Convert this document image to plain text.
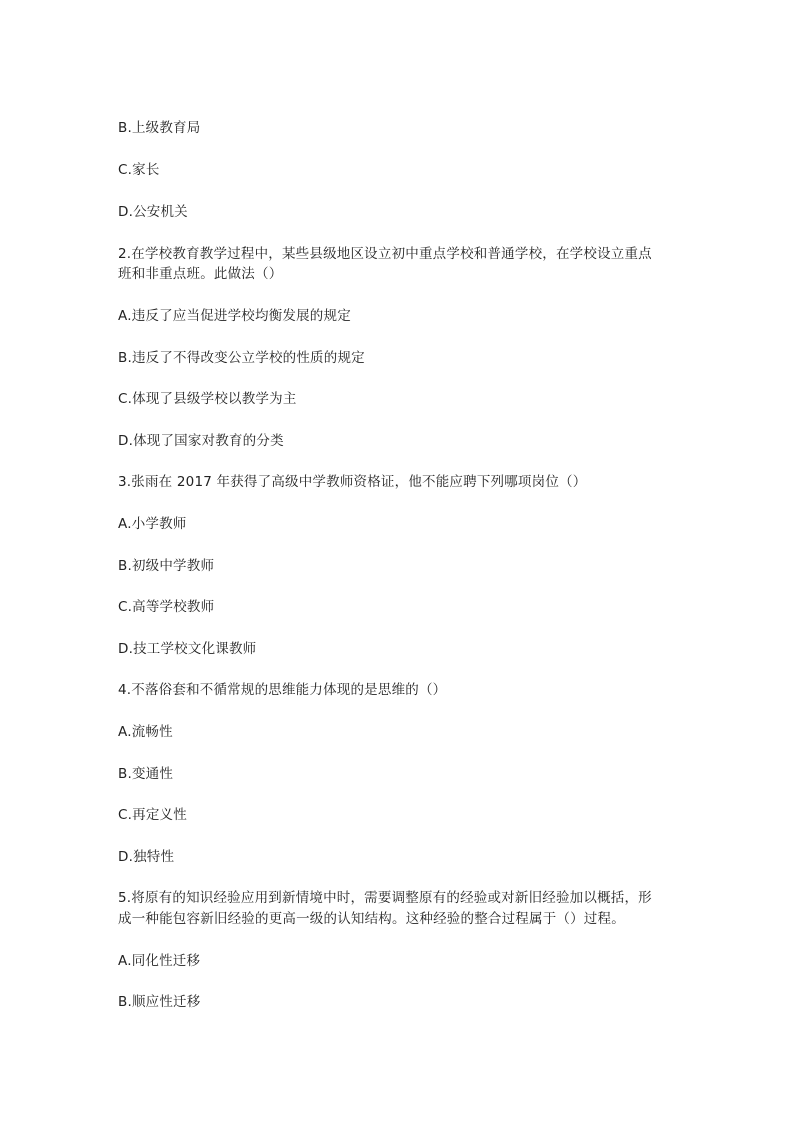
B.上级教育局
C.家长
D.公安机关
2.在学校教育教学过程中，某些县级地区设立初中重点学校和普通学校，在学校设立重点
班和非重点班。此做法（）
A.违反了应当促进学校均衡发展的规定
B.违反了不得改变公立学校的性质的规定
C.体现了县级学校以教学为主
D.体现了国家对教育的分类
3.张雨在 2017 年获得了高级中学教师资格证，他不能应聘下列哪项岗位（）
A.小学教师
B.初级中学教师
C.高等学校教师
D.技工学校文化课教师
4.不落俗套和不循常规的思维能力体现的是思维的（）
A.流畅性
B.变通性
C.再定义性
D.独特性
5.将原有的知识经验应用到新情境中时，需要调整原有的经验或对新旧经验加以概括，形
成一种能包容新旧经验的更高一级的认知结构。这种经验的整合过程属于（）过程。
A.同化性迁移
B.顺应性迁移
